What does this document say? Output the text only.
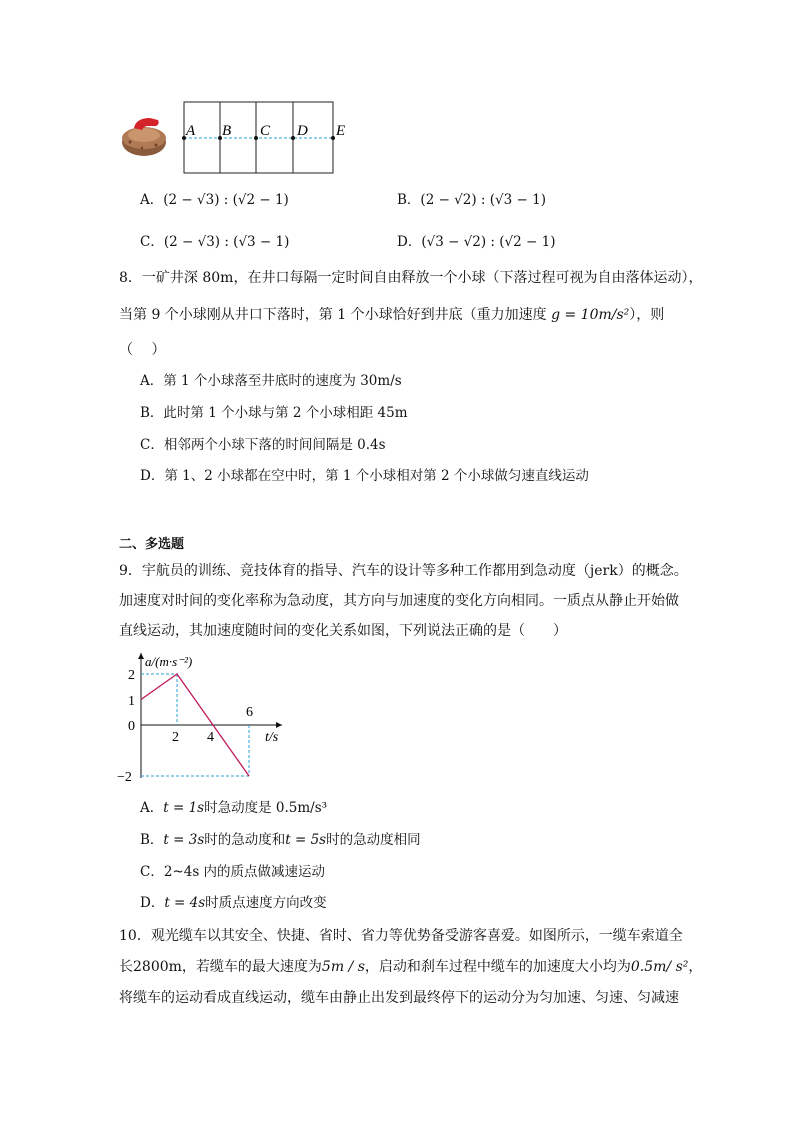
A B C D E
A．(2 − √3) : (√2 − 1)	B．(2 − √2) : (√3 − 1)
C．(2 − √3) : (√3 − 1)	D．(√3 − √2) : (√2 − 1)
8．一矿井深 80m，在井口每隔一定时间自由释放一个小球（下落过程可视为自由落体运动），
当第 9 个小球刚从井口下落时，第 1 个小球恰好到井底（重力加速度 g = 10m/s²），则
（　 ）
A．第 1 个小球落至井底时的速度为 30m/s
B．此时第 1 个小球与第 2 个小球相距 45m
C．相邻两个小球下落的时间间隔是 0.4s
D．第 1、2 小球都在空中时，第 1 个小球相对第 2 个小球做匀速直线运动
二、多选题
9．宇航员的训练、竞技体育的指导、汽车的设计等多种工作都用到急动度（jerk）的概念。
加速度对时间的变化率称为急动度，其方向与加速度的变化方向相同。一质点从静止开始做
直线运动，其加速度随时间的变化关系如图，下列说法正确的是（　　）
a/(m·s⁻²)
t/s
2
1
0
−2
2 4
6
A．t = 1s时急动度是 0.5m/s³
B．t = 3s时的急动度和t = 5s时的急动度相同
C．2~4s 内的质点做减速运动
D．t = 4s时质点速度方向改变
10．观光缆车以其安全、快捷、省时、省力等优势备受游客喜爱。如图所示，一缆车索道全
长2800m，若缆车的最大速度为5m / s，启动和刹车过程中缆车的加速度大小均为0.5m/ s²，
将缆车的运动看成直线运动，缆车由静止出发到最终停下的运动分为匀加速、匀速、匀减速
